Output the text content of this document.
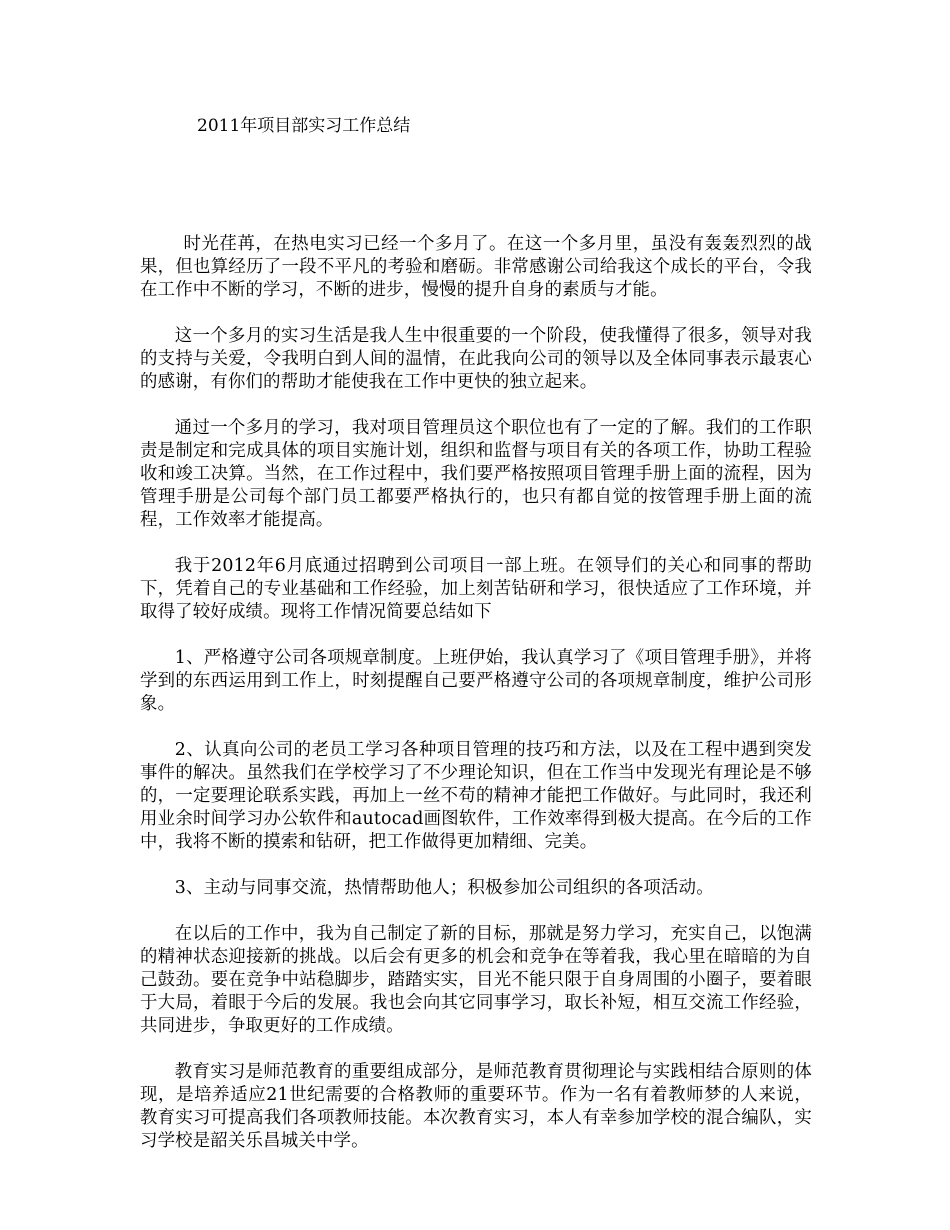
2011年项目部实习工作总结

时光荏苒，在热电实习已经一个多月了。在这一个多月里，虽没有轰轰烈烈的战果，但也算经历了一段不平凡的考验和磨砺。非常感谢公司给我这个成长的平台，令我在工作中不断的学习，不断的进步，慢慢的提升自身的素质与才能。

这一个多月的实习生活是我人生中很重要的一个阶段，使我懂得了很多，领导对我的支持与关爱，令我明白到人间的温情，在此我向公司的领导以及全体同事表示最衷心的感谢，有你们的帮助才能使我在工作中更快的独立起来。

通过一个多月的学习，我对项目管理员这个职位也有了一定的了解。我们的工作职责是制定和完成具体的项目实施计划，组织和监督与项目有关的各项工作，协助工程验收和竣工决算。当然，在工作过程中，我们要严格按照项目管理手册上面的流程，因为管理手册是公司每个部门员工都要严格执行的，也只有都自觉的按管理手册上面的流程，工作效率才能提高。

我于2012年6月底通过招聘到公司项目一部上班。在领导们的关心和同事的帮助下，凭着自己的专业基础和工作经验，加上刻苦钻研和学习，很快适应了工作环境，并取得了较好成绩。现将工作情况简要总结如下

1、严格遵守公司各项规章制度。上班伊始，我认真学习了《项目管理手册》，并将学到的东西运用到工作上，时刻提醒自己要严格遵守公司的各项规章制度，维护公司形象。

2、认真向公司的老员工学习各种项目管理的技巧和方法，以及在工程中遇到突发事件的解决。虽然我们在学校学习了不少理论知识，但在工作当中发现光有理论是不够的，一定要理论联系实践，再加上一丝不苟的精神才能把工作做好。与此同时，我还利用业余时间学习办公软件和autocad画图软件，工作效率得到极大提高。在今后的工作中，我将不断的摸索和钻研，把工作做得更加精细、完美。

3、主动与同事交流，热情帮助他人；积极参加公司组织的各项活动。

在以后的工作中，我为自己制定了新的目标，那就是努力学习，充实自己，以饱满的精神状态迎接新的挑战。以后会有更多的机会和竞争在等着我，我心里在暗暗的为自己鼓劲。要在竞争中站稳脚步，踏踏实实，目光不能只限于自身周围的小圈子，要着眼于大局，着眼于今后的发展。我也会向其它同事学习，取长补短，相互交流工作经验，共同进步，争取更好的工作成绩。

教育实习是师范教育的重要组成部分，是师范教育贯彻理论与实践相结合原则的体现，是培养适应21世纪需要的合格教师的重要环节。作为一名有着教师梦的人来说，教育实习可提高我们各项教师技能。本次教育实习，本人有幸参加学校的混合编队，实习学校是韶关乐昌城关中学。
